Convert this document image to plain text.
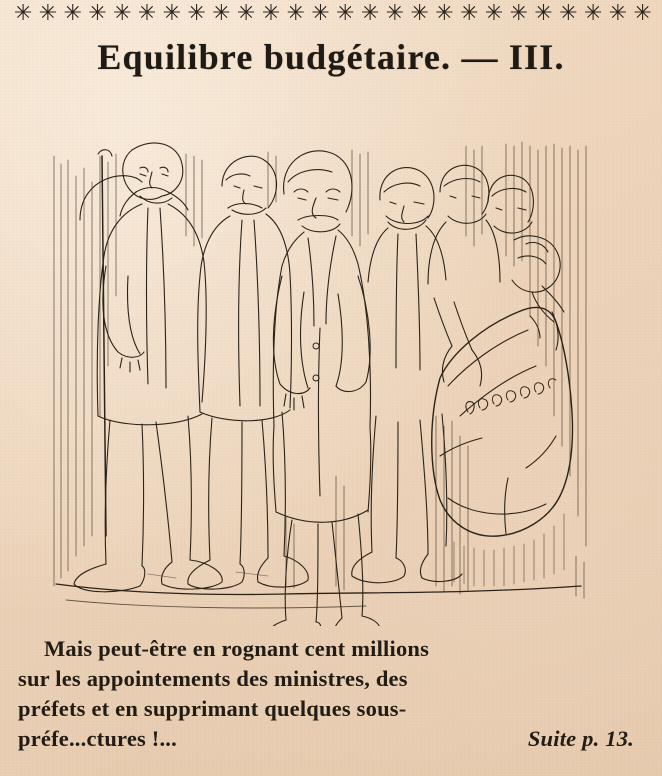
✳ ✳ ✳ ✳ ✳ ✳ ✳ ✳ ✳ ✳ ✳ ✳ ✳ ✳ ✳ ✳ ✳ ✳ ✳ ✳ ✳ ✳ ✳ ✳ ✳ ✳
Equilibre budgétaire. — III.
Mais peut-être en rognant cent millions
sur les appointements des ministres, des
préfets et en supprimant quelques sous-
préfe...ctures !...	Suite p. 13.
